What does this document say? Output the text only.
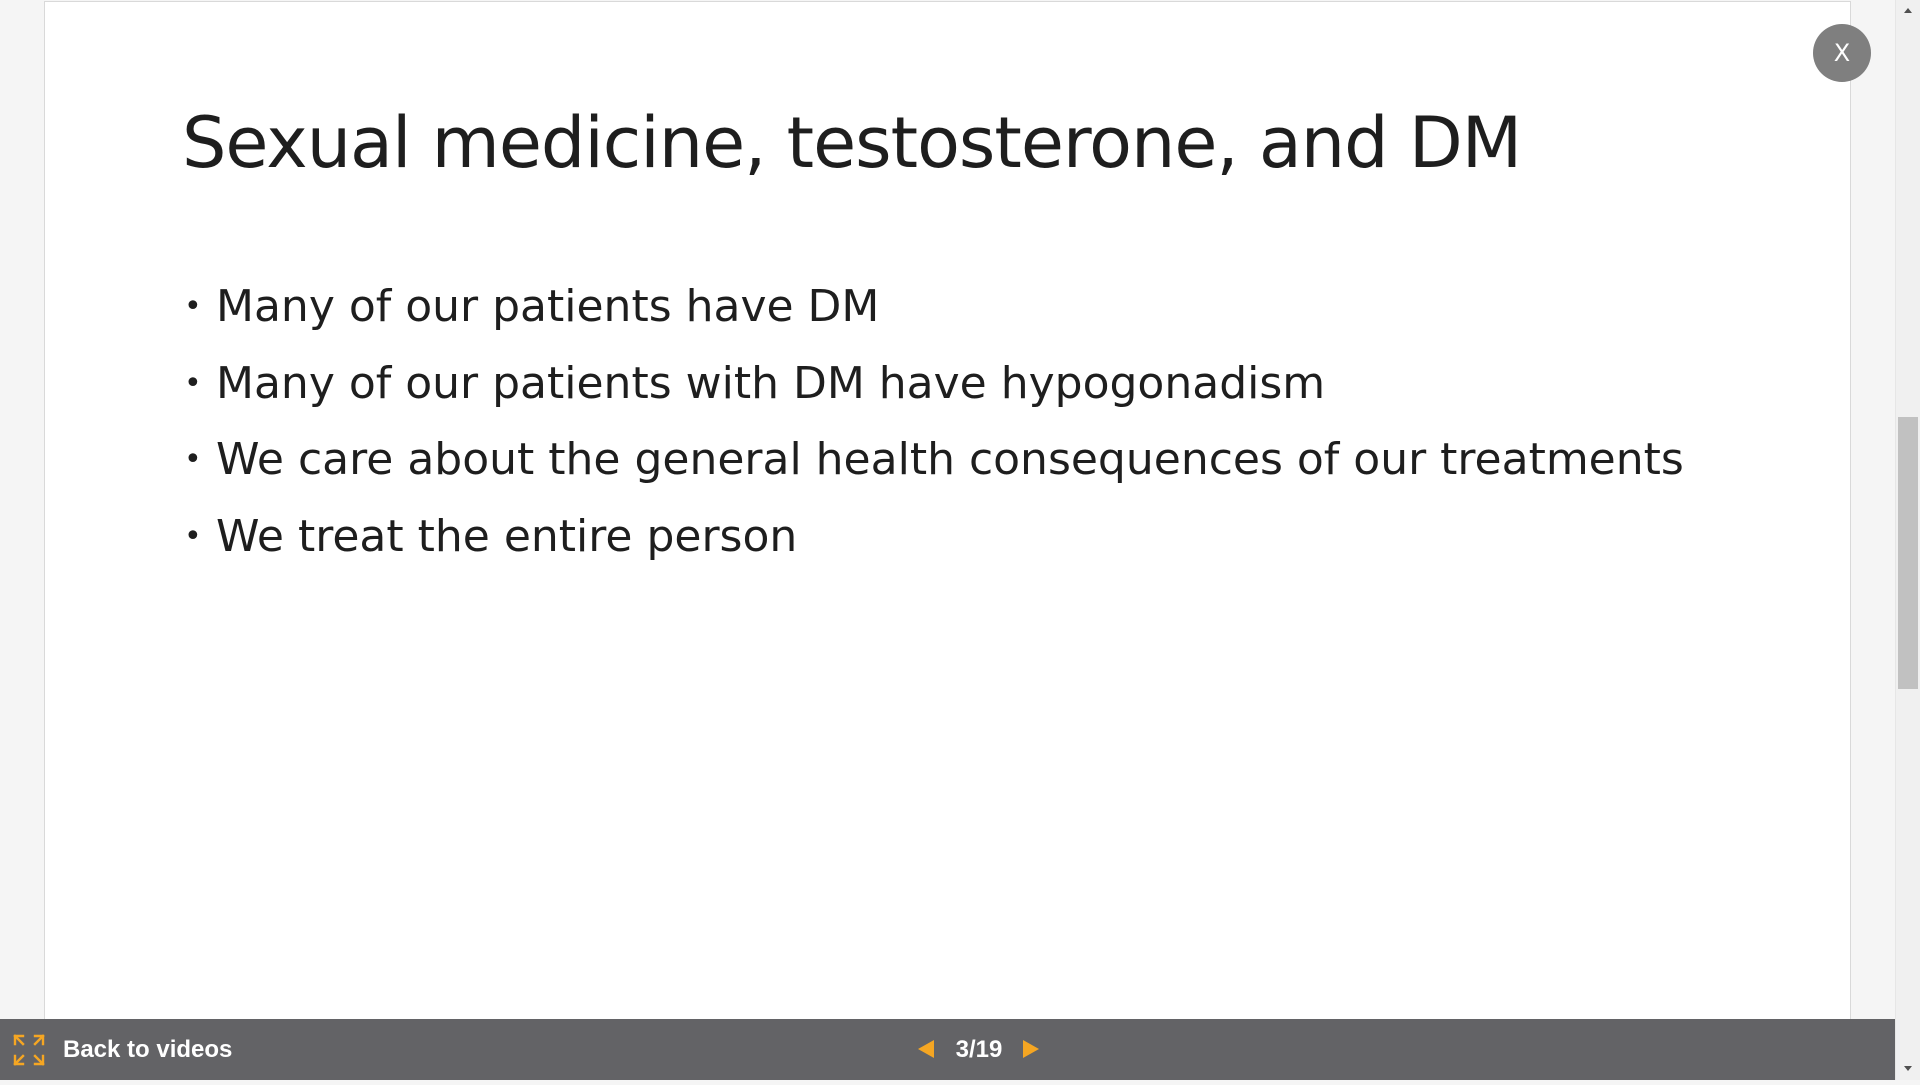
Sexual medicine, testosterone, and DM
• Many of our patients have DM
• Many of our patients with DM have hypogonadism
• We care about the general health consequences of our treatments
• We treat the entire person
X
Back to videos	3/19
